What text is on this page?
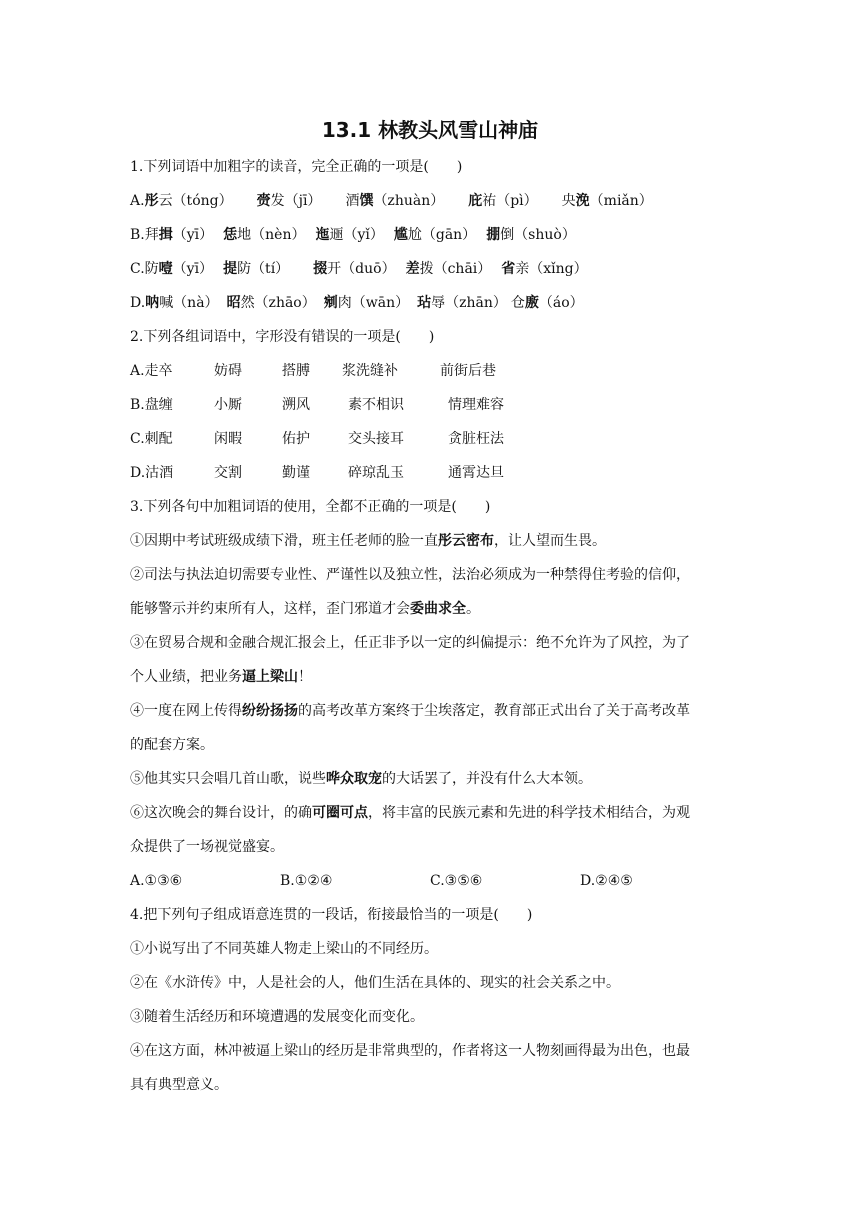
13.1 林教头风雪山神庙
1.下列词语中加粗字的读音，完全正确的一项是(　　)
A.彤云（tóng） 赍发（jī） 酒馔（zhuàn） 庇祐（pì） 央浼（miǎn）
B.拜揖（yī） 恁地（nèn） 迤逦（yǐ） 尴尬（gān） 掤倒（shuò）
C.防噎（yī） 提防（tí） 掇开（duō） 差拨（chāi） 省亲（xǐng）
D.呐喊（nà） 昭然（zhāo） 剜肉（wān） 玷辱（zhān） 仓廒（áo）
2.下列各组词语中，字形没有错误的一项是(　　)
A.走卒	妨碍	搭膊 浆洗缝补	前街后巷
B.盘缠	小厮	溯风	素不相识	情理难容
C.刺配	闲暇	佑护	交头接耳	贪脏枉法
D.沽酒	交割	勤谨	碎琼乱玉	通霄达旦
3.下列各句中加粗词语的使用，全都不正确的一项是(　　)
①因期中考试班级成绩下滑，班主任老师的脸一直彤云密布，让人望而生畏。
②司法与执法迫切需要专业性、严谨性以及独立性，法治必须成为一种禁得住考验的信仰，
能够警示并约束所有人，这样，歪门邪道才会委曲求全。
③在贸易合规和金融合规汇报会上，任正非予以一定的纠偏提示：绝不允许为了风控，为了
个人业绩，把业务逼上梁山！
④一度在网上传得纷纷扬扬的高考改革方案终于尘埃落定，教育部正式出台了关于高考改革
的配套方案。
⑤他其实只会唱几首山歌，说些哗众取宠的大话罢了，并没有什么大本领。
⑥这次晚会的舞台设计，的确可圈可点，将丰富的民族元素和先进的科学技术相结合，为观
众提供了一场视觉盛宴。
A.①③⑥	B.①②④	C.③⑤⑥	D.②④⑤
4.把下列句子组成语意连贯的一段话，衔接最恰当的一项是(　　)
①小说写出了不同英雄人物走上梁山的不同经历。
②在《水浒传》中，人是社会的人，他们生活在具体的、现实的社会关系之中。
③随着生活经历和环境遭遇的发展变化而变化。
④在这方面，林冲被逼上梁山的经历是非常典型的，作者将这一人物刻画得最为出色，也最
具有典型意义。
